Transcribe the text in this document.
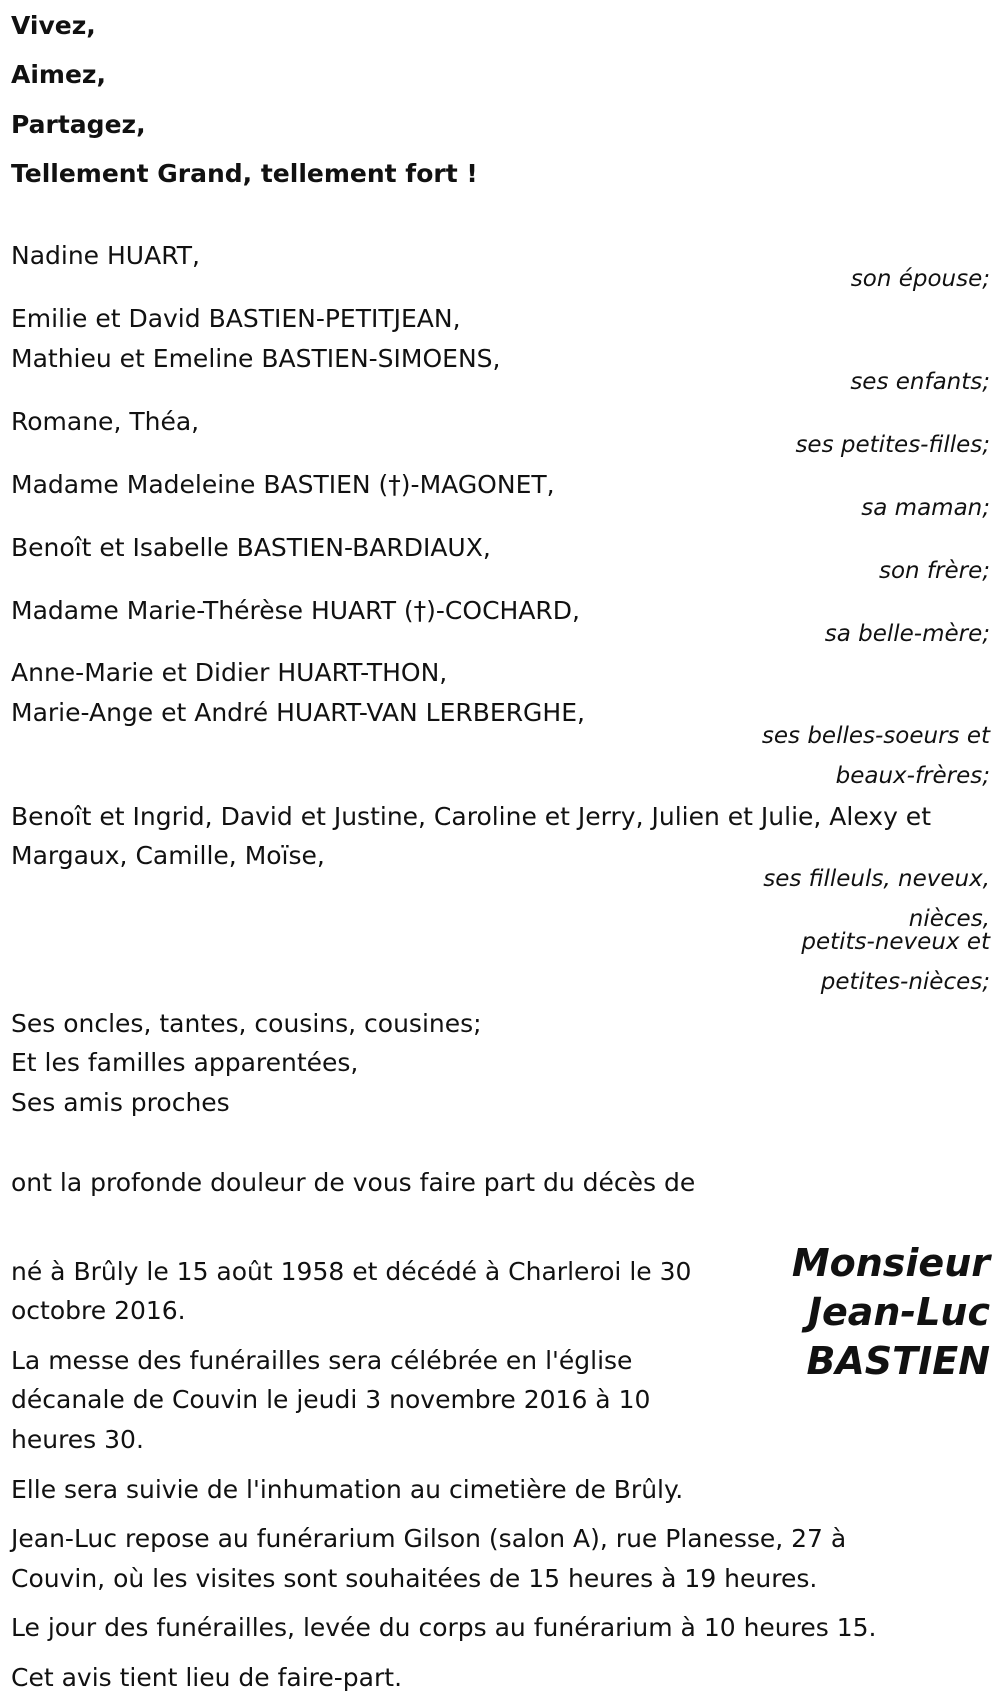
Vivez,
Aimez,
Partagez,
Tellement Grand, tellement fort !
Nadine HUART,
son épouse;
Emilie et David BASTIEN-PETITJEAN,
Mathieu et Emeline BASTIEN-SIMOENS,
ses enfants;
Romane, Théa,
ses petites-filles;
Madame Madeleine BASTIEN (†)-MAGONET,
sa maman;
Benoît et Isabelle BASTIEN-BARDIAUX,
son frère;
Madame Marie-Thérèse HUART (†)-COCHARD,
sa belle-mère;
Anne-Marie et Didier HUART-THON,
Marie-Ange et André HUART-VAN LERBERGHE,
ses belles-soeurs et
beaux-frères;
Benoît et Ingrid, David et Justine, Caroline et Jerry, Julien et Julie, Alexy et
Margaux, Camille, Moïse,
ses filleuls, neveux,
nièces,
petits-neveux et
petites-nièces;
Ses oncles, tantes, cousins, cousines;
Et les familles apparentées,
Ses amis proches
ont la profonde douleur de vous faire part du décès de
Monsieur
Jean-Luc
BASTIEN
né à Brûly le 15 août 1958 et décédé à Charleroi le 30
octobre 2016.
La messe des funérailles sera célébrée en l'église
décanale de Couvin le jeudi 3 novembre 2016 à 10
heures 30.
Elle sera suivie de l'inhumation au cimetière de Brûly.
Jean-Luc repose au funérarium Gilson (salon A), rue Planesse, 27 à
Couvin, où les visites sont souhaitées de 15 heures à 19 heures.
Le jour des funérailles, levée du corps au funérarium à 10 heures 15.
Cet avis tient lieu de faire-part.
